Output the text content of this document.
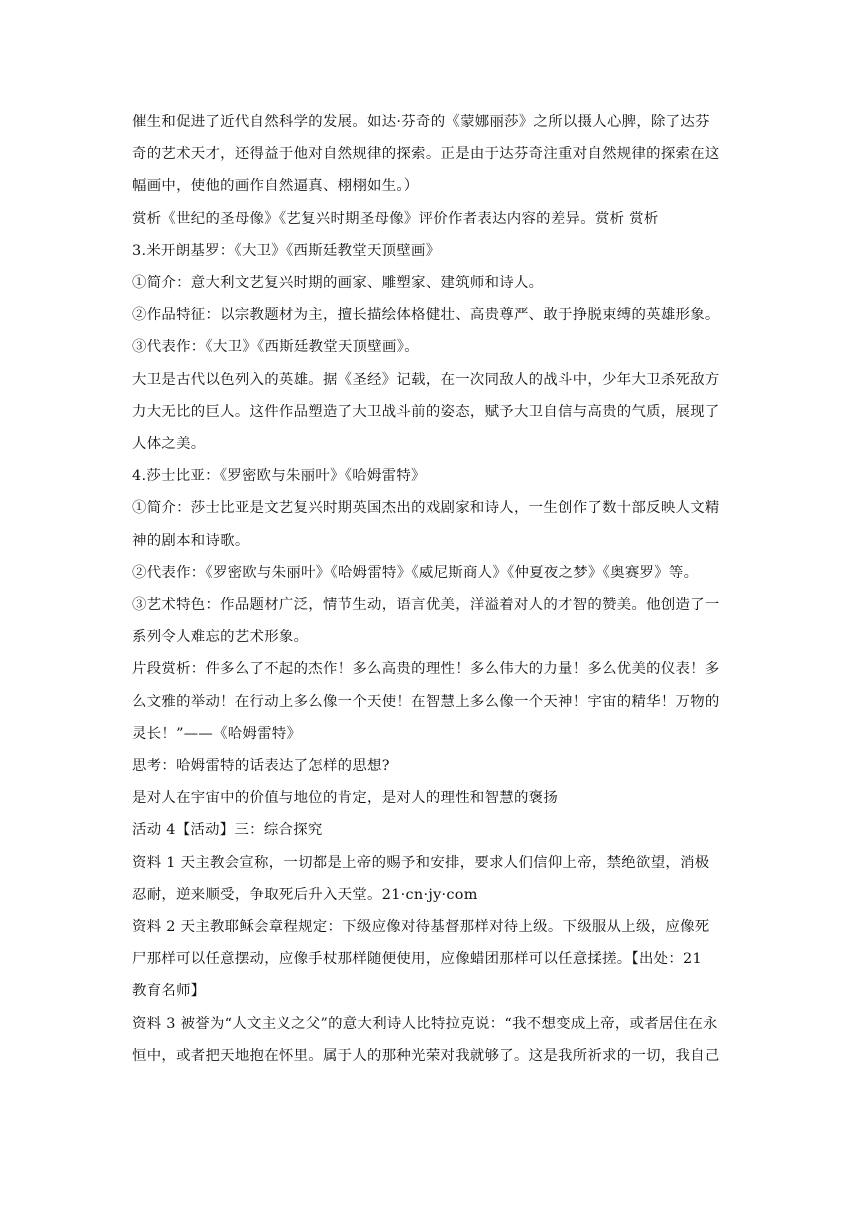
催生和促进了近代自然科学的发展。如达·芬奇的《蒙娜丽莎》之所以摄人心脾，除了达芬

奇的艺术天才，还得益于他对自然规律的探索。正是由于达芬奇注重对自然规律的探索在这

幅画中，使他的画作自然逼真、栩栩如生。）

赏析《世纪的圣母像》《艺复兴时期圣母像》评价作者表达内容的差异。赏析 赏析

3.米开朗基罗：《大卫》《西斯廷教堂天顶壁画》

①简介：意大利文艺复兴时期的画家、雕塑家、建筑师和诗人。

②作品特征：以宗教题材为主，擅长描绘体格健壮、高贵尊严、敢于挣脱束缚的英雄形象。

③代表作：《大卫》《西斯廷教堂天顶壁画》。

大卫是古代以色列入的英雄。据《圣经》记载，在一次同敌人的战斗中，少年大卫杀死敌方

力大无比的巨人。这件作品塑造了大卫战斗前的姿态，赋予大卫自信与高贵的气质，展现了

人体之美。

4.莎士比亚：《罗密欧与朱丽叶》《哈姆雷特》

①简介：莎士比亚是文艺复兴时期英国杰出的戏剧家和诗人，一生创作了数十部反映人文精

神的剧本和诗歌。

②代表作：《罗密欧与朱丽叶》《哈姆雷特》《威尼斯商人》《仲夏夜之梦》《奥赛罗》等。

③艺术特色：作品题材广泛，情节生动，语言优美，洋溢着对人的才智的赞美。他创造了一

系列令人难忘的艺术形象。

片段赏析：件多么了不起的杰作！多么高贵的理性！多么伟大的力量！多么优美的仪表！多

么文雅的举动！在行动上多么像一个天使！在智慧上多么像一个天神！宇宙的精华！万物的

灵长！”——《哈姆雷特》

思考：哈姆雷特的话表达了怎样的思想?

是对人在宇宙中的价值与地位的肯定，是对人的理性和智慧的褒扬

活动 4【活动】三：综合探究

资料 1 天主教会宣称，一切都是上帝的赐予和安排，要求人们信仰上帝，禁绝欲望，消极

忍耐，逆来顺受，争取死后升入天堂。21·cn·jy·com

资料 2 天主教耶稣会章程规定：下级应像对待基督那样对待上级。下级服从上级，应像死

尸那样可以任意摆动，应像手杖那样随便使用，应像蜡团那样可以任意揉搓。【出处：21

教育名师】

资料 3 被誉为“人文主义之父”的意大利诗人比特拉克说：“我不想变成上帝，或者居住在永

恒中，或者把天地抱在怀里。属于人的那种光荣对我就够了。这是我所祈求的一切，我自己
